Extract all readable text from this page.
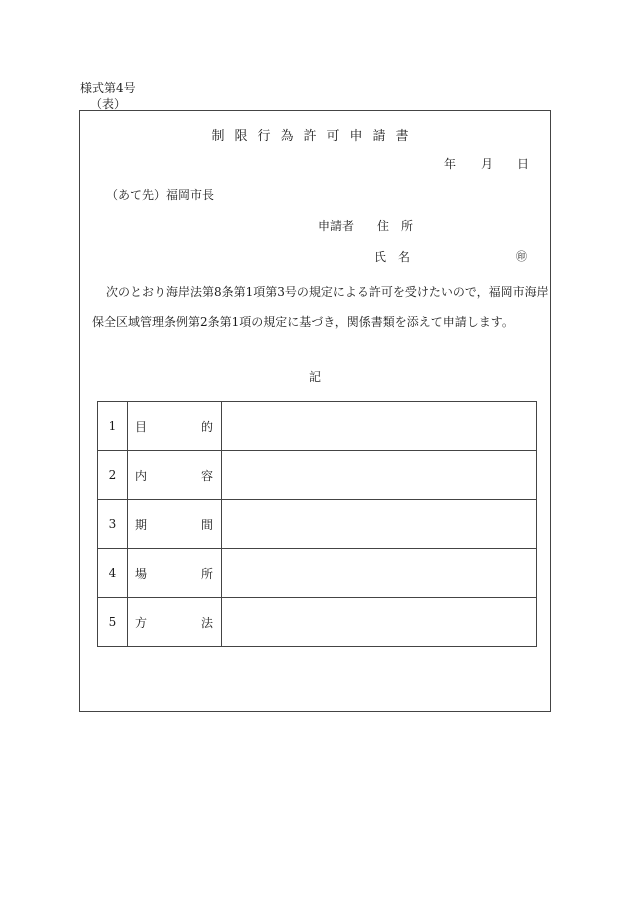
様式第4号
（表）
制限行為許可申請書
年 月 日
（あて先）福岡市長
申請者 住　所
氏　名	㊞
次のとおり海岸法第8条第1項第3号の規定による許可を受けたいので，福岡市海岸
保全区域管理条例第2条第1項の規定に基づき，関係書類を添えて申請します。
記
1	目 的	

2	内 容	

3	期 間	

4	場 所	

5	方 法	
